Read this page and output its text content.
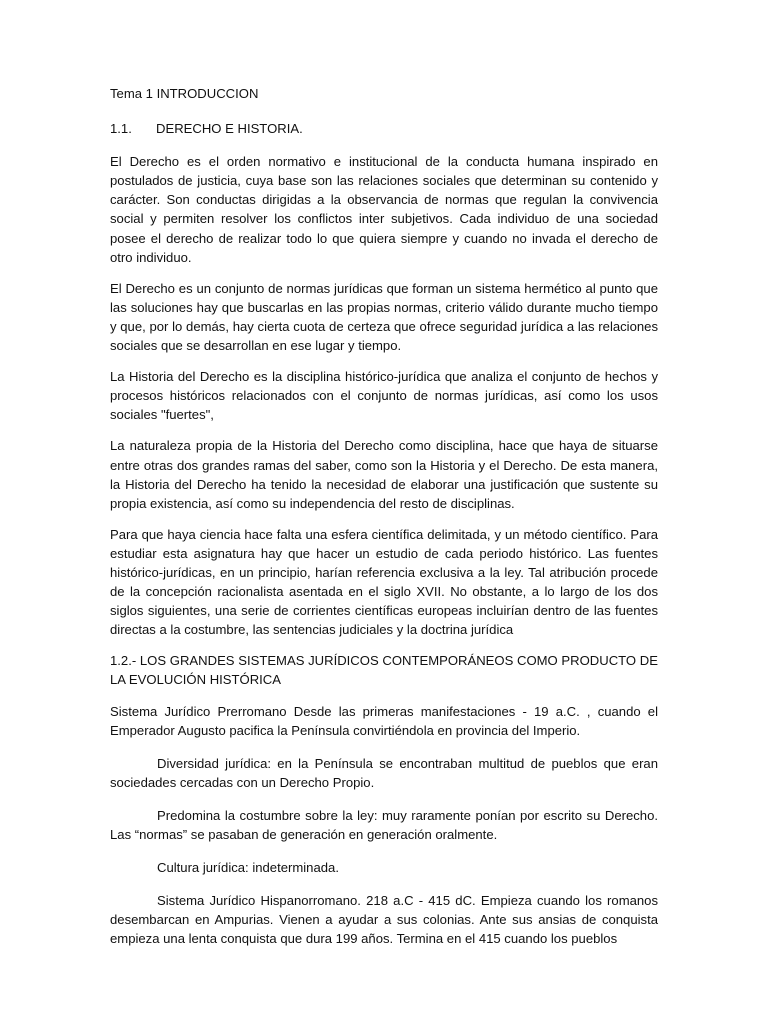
Tema 1 INTRODUCCION
1.1. DERECHO E HISTORIA.

El Derecho es el orden normativo e institucional de la conducta humana inspirado en postulados de justicia, cuya base son las relaciones sociales que determinan su contenido y carácter. Son conductas dirigidas a la observancia de normas que regulan la convivencia social y permiten resolver los conflictos inter subjetivos. Cada individuo de una sociedad posee el derecho de realizar todo lo que quiera siempre y cuando no invada el derecho de otro individuo.

El Derecho es un conjunto de normas jurídicas que forman un sistema hermético al punto que las soluciones hay que buscarlas en las propias normas, criterio válido durante mucho tiempo y que, por lo demás, hay cierta cuota de certeza que ofrece seguridad jurídica a las relaciones sociales que se desarrollan en ese lugar y tiempo.

La Historia del Derecho es la disciplina histórico-jurídica que analiza el conjunto de hechos y procesos históricos relacionados con el conjunto de normas jurídicas, así como los usos sociales "fuertes",

La naturaleza propia de la Historia del Derecho como disciplina, hace que haya de situarse entre otras dos grandes ramas del saber, como son la Historia y el Derecho. De esta manera, la Historia del Derecho ha tenido la necesidad de elaborar una justificación que sustente su propia existencia, así como su independencia del resto de disciplinas.

Para que haya ciencia hace falta una esfera científica delimitada, y un método científico. Para estudiar esta asignatura hay que hacer un estudio de cada periodo histórico. Las fuentes histórico-jurídicas, en un principio, harían referencia exclusiva a la ley. Tal atribución procede de la concepción racionalista asentada en el siglo XVII. No obstante, a lo largo de los dos siglos siguientes, una serie de corrientes científicas europeas incluirían dentro de las fuentes directas a la costumbre, las sentencias judiciales y la doctrina jurídica

1.2.- LOS GRANDES SISTEMAS JURÍDICOS CONTEMPORÁNEOS COMO PRODUCTO DE LA EVOLUCIÓN HISTÓRICA

Sistema Jurídico Prerromano Desde las primeras manifestaciones - 19 a.C. , cuando el Emperador Augusto pacifica la Península convirtiéndola en provincia del Imperio.

Diversidad jurídica: en la Península se encontraban multitud de pueblos que eran sociedades cercadas con un Derecho Propio.

Predomina la costumbre sobre la ley: muy raramente ponían por escrito su Derecho. Las “normas” se pasaban de generación en generación oralmente.

Cultura jurídica: indeterminada.

Sistema Jurídico Hispanorromano. 218 a.C - 415 dC. Empieza cuando los romanos desembarcan en Ampurias. Vienen a ayudar a sus colonias. Ante sus ansias de conquista empieza una lenta conquista que dura 199 años. Termina en el 415 cuando los pueblos
